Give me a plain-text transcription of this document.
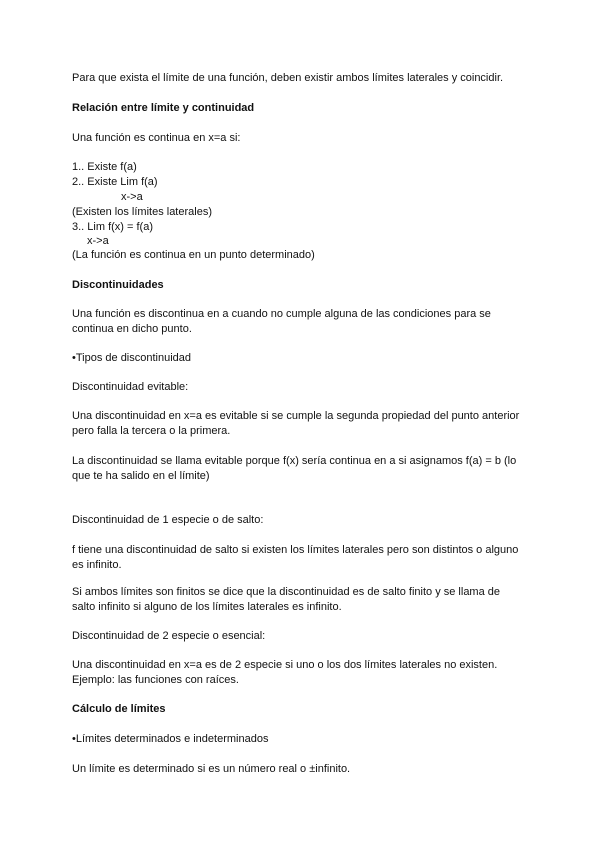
Para que exista el límite de una función, deben existir ambos límites laterales y coincidir.
Relación entre límite y continuidad
Una función es continua en x=a si:
1.. Existe f(a)
2.. Existe Lim f(a)
x->a
(Existen los límites laterales)
3.. Lim f(x) = f(a)
x->a
(La función es continua en un punto determinado)
Discontinuidades
Una función es discontinua en a cuando no cumple alguna de las condiciones para se
continua en dicho punto.
•Tipos de discontinuidad
Discontinuidad evitable:
Una discontinuidad en x=a es evitable si se cumple la segunda propiedad del punto anterior
pero falla la tercera o la primera.
La discontinuidad se llama evitable porque f(x) sería continua en a si asignamos f(a) = b (lo
que te ha salido en el límite)
Discontinuidad de 1 especie o de salto:
f tiene una discontinuidad de salto si existen los límites laterales pero son distintos o alguno
es infinito.
Si ambos límites son finitos se dice que la discontinuidad es de salto finito y se llama de
salto infinito si alguno de los límites laterales es infinito.
Discontinuidad de 2 especie o esencial:
Una discontinuidad en x=a es de 2 especie si uno o los dos límites laterales no existen.
Ejemplo: las funciones con raíces.
Cálculo de límites
•Límites determinados e indeterminados
Un límite es determinado si es un número real o ±infinito.
